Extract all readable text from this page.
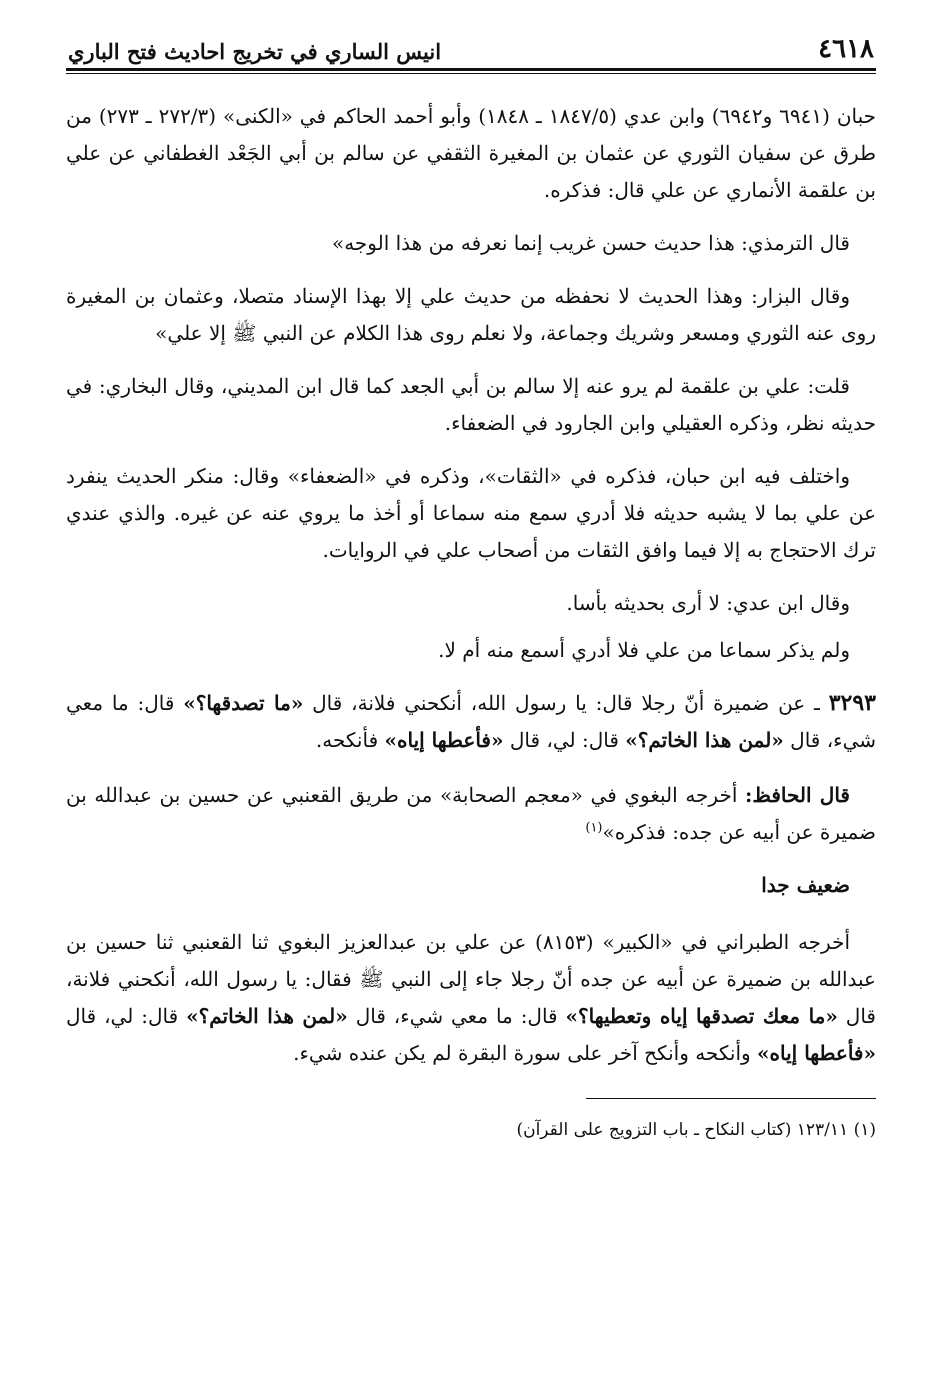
٤٦١٨
انيس الساري في تخريج احاديث فتح الباري

حبان (٦٩٤١ و٦٩٤٢) وابن عدي (١٨٤٧/٥ ـ ١٨٤٨) وأبو أحمد الحاكم في «الكنى» (٢٧٢/٣ ـ ٢٧٣) من طرق عن سفيان الثوري عن عثمان بن المغيرة الثقفي عن سالم بن أبي الجَعْد الغطفاني عن علي بن علقمة الأنماري عن علي قال: فذكره.

قال الترمذي: هذا حديث حسن غريب إنما نعرفه من هذا الوجه»

وقال البزار: وهذا الحديث لا نحفظه من حديث علي إلا بهذا الإسناد متصلا، وعثمان بن المغيرة روى عنه الثوري ومسعر وشريك وجماعة، ولا نعلم روى هذا الكلام عن النبي ﷺ إلا علي»

قلت: علي بن علقمة لم يرو عنه إلا سالم بن أبي الجعد كما قال ابن المديني، وقال البخاري: في حديثه نظر، وذكره العقيلي وابن الجارود في الضعفاء.

واختلف فيه ابن حبان، فذكره في «الثقات»، وذكره في «الضعفاء» وقال: منكر الحديث ينفرد عن علي بما لا يشبه حديثه فلا أدري سمع منه سماعا أو أخذ ما يروي عنه عن غيره. والذي عندي ترك الاحتجاج به إلا فيما وافق الثقات من أصحاب علي في الروايات.

وقال ابن عدي: لا أرى بحديثه بأسا.

ولم يذكر سماعا من علي فلا أدري أسمع منه أم لا.

٣٢٩٣ ـ عن ضميرة أنّ رجلا قال: يا رسول الله، أنكحني فلانة، قال «ما تصدقها؟» قال: ما معي شيء، قال «لمن هذا الخاتم؟» قال: لي، قال «فأعطها إياه» فأنكحه.

قال الحافظ: أخرجه البغوي في «معجم الصحابة» من طريق القعنبي عن حسين بن عبدالله بن ضميرة عن أبيه عن جده: فذكره»$^{(١)}$

ضعيف جدا

أخرجه الطبراني في «الكبير» (٨١٥٣) عن علي بن عبدالعزيز البغوي ثنا القعنبي ثنا حسين بن عبدالله بن ضميرة عن أبيه عن جده أنّ رجلا جاء إلى النبي ﷺ فقال: يا رسول الله، أنكحني فلانة، قال «ما معك تصدقها إياه وتعطيها؟» قال: ما معي شيء، قال «لمن هذا الخاتم؟» قال: لي، قال «فأعطها إياه» وأنكحه وأنكح آخر على سورة البقرة لم يكن عنده شيء.

(١) ١٢٣/١١ (كتاب النكاح ـ باب التزويج على القرآن)
